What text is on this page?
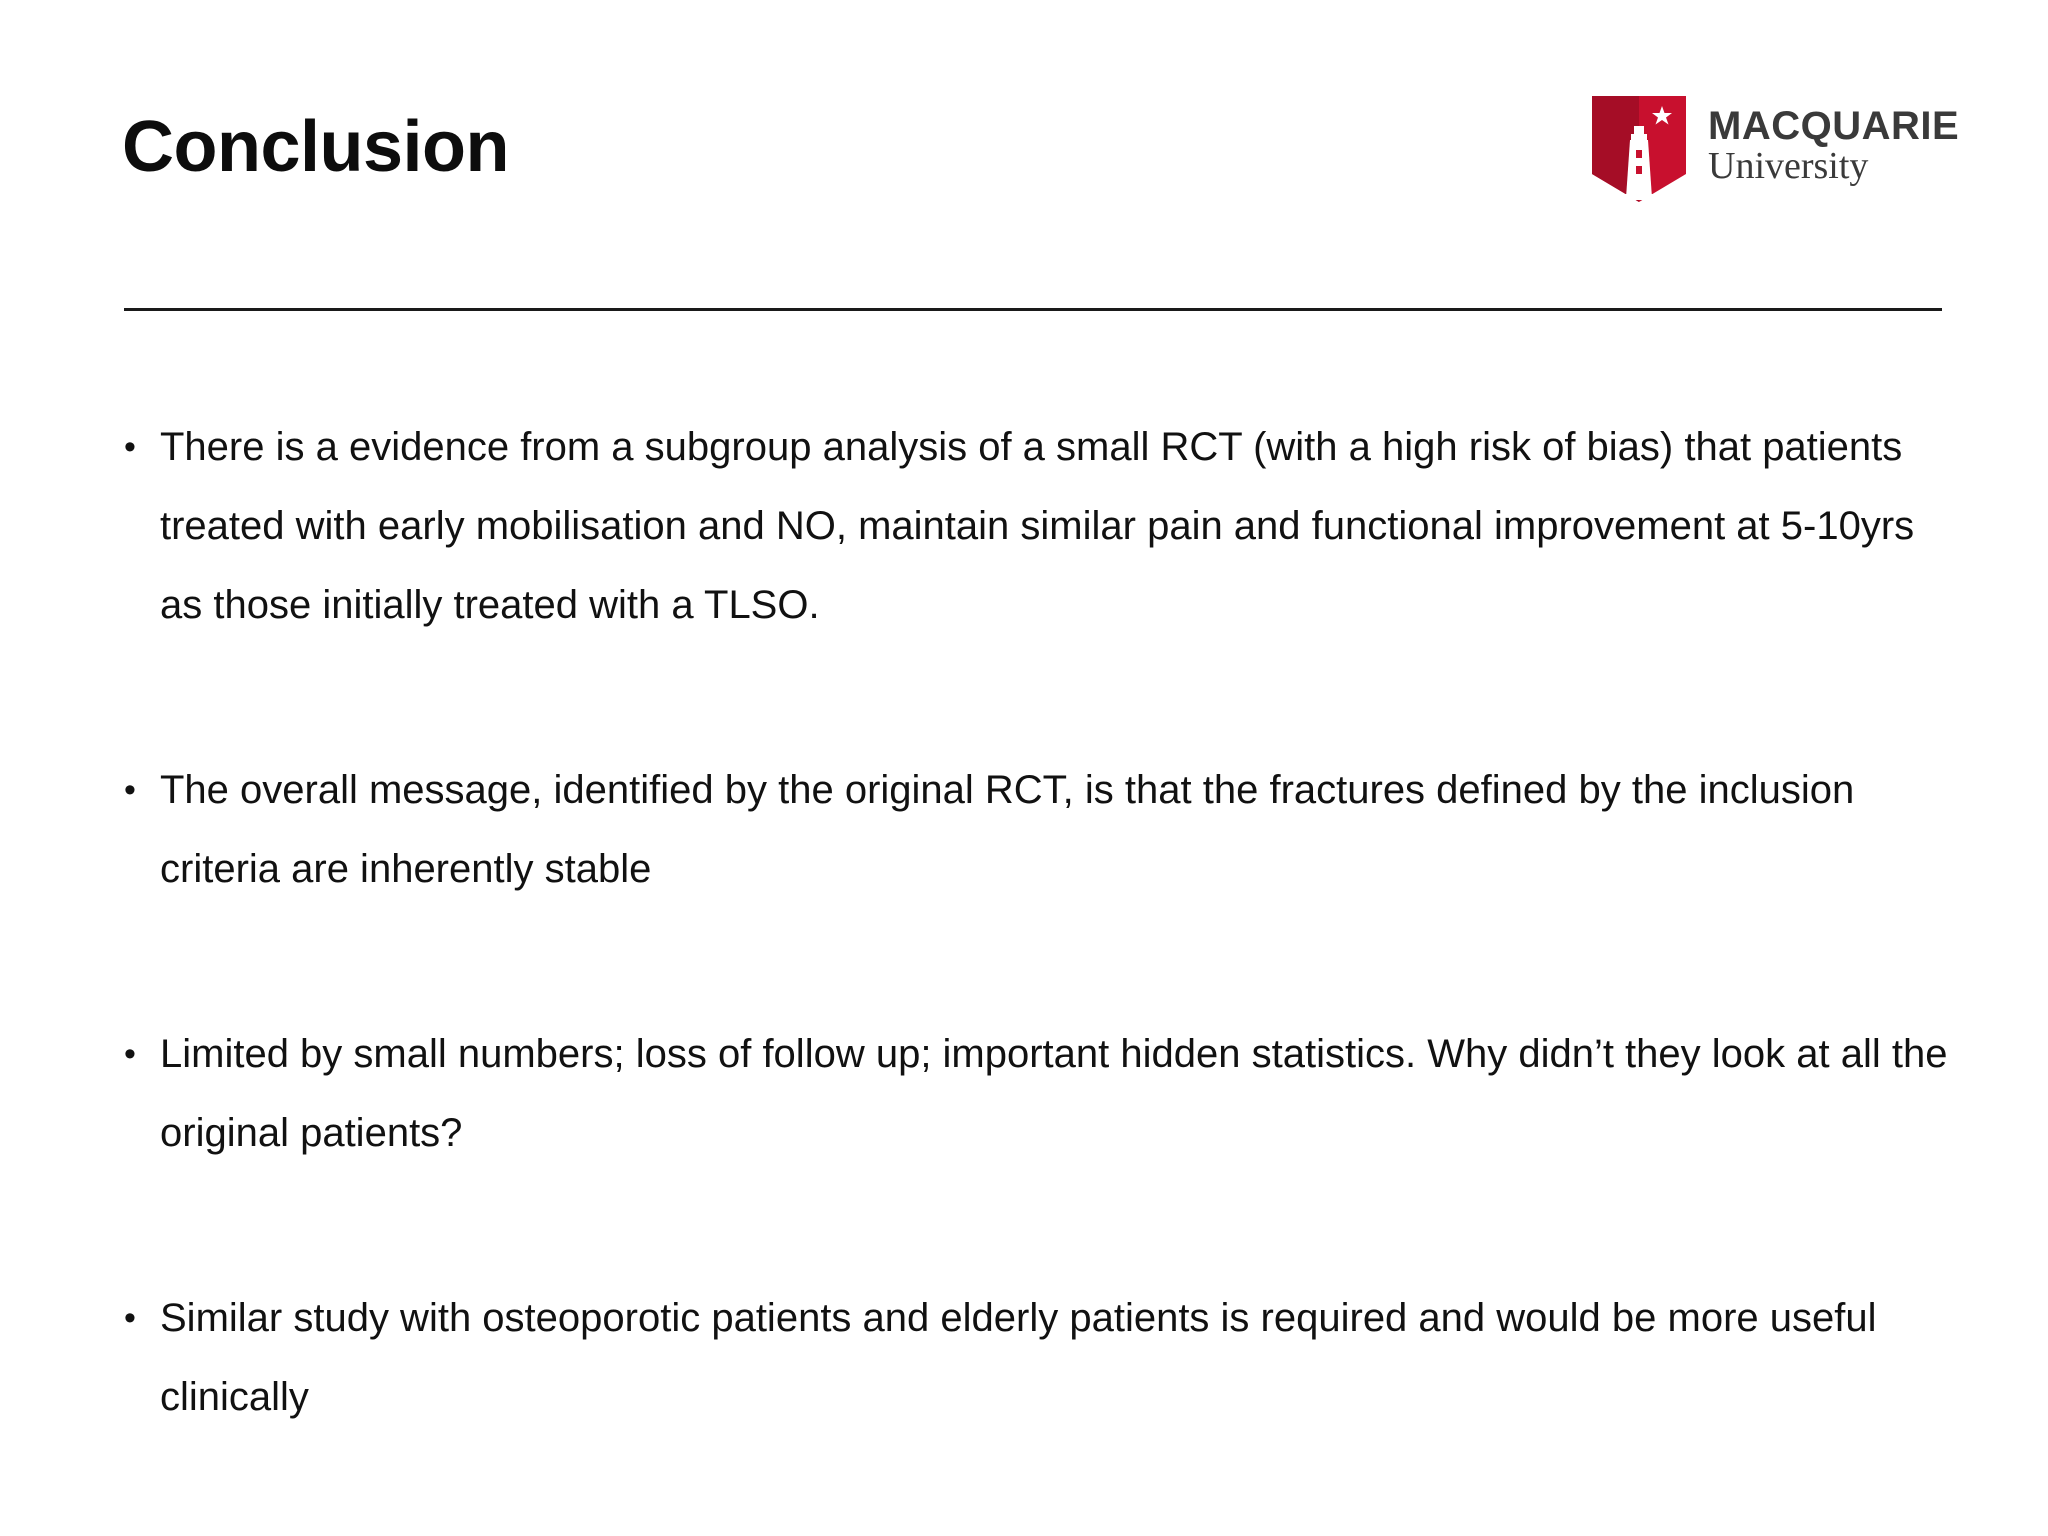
Conclusion	MACQUARIE
University
• There is a evidence from a subgroup analysis of a small RCT (with a high risk of bias) that patients treated with early mobilisation and NO, maintain similar pain and functional improvement at 5-10yrs as those initially treated with a TLSO.
• The overall message, identified by the original RCT, is that the fractures defined by the inclusion criteria are inherently stable
• Limited by small numbers; loss of follow up; important hidden statistics. Why didn’t they look at all the original patients?
• Similar study with osteoporotic patients and elderly patients is required and would be more useful clinically
